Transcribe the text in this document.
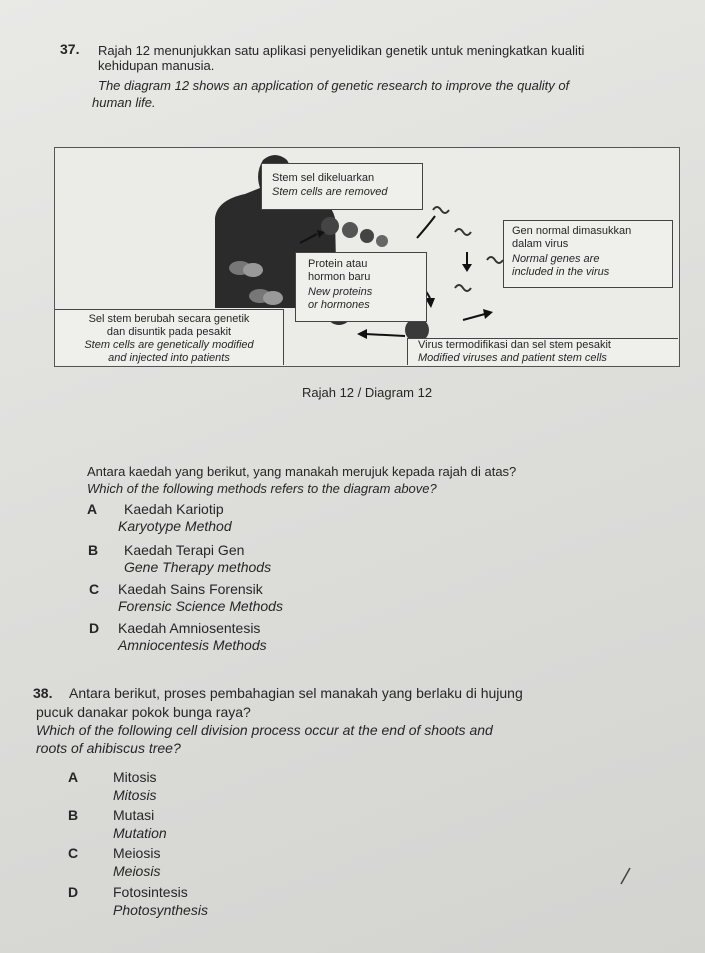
37. Rajah 12 menunjukkan satu aplikasi penyelidikan genetik untuk meningkatkan kualiti
kehidupan manusia.
The diagram 12 shows an application of genetic research to improve the quality of
human life.
Stem sel dikeluarkan
Stem cells are removed
Gen normal dimasukkan
dalam virus
Normal genes are
included in the virus
Protein atau
hormon baru
New proteins
or hormones
Sel stem berubah secara genetik
dan disuntik pada pesakit
Stem cells are genetically modified
and injected into patients
Virus termodifikasi dan sel stem pesakit
Modified viruses and patient stem cells
Rajah 12 / Diagram 12
Antara kaedah yang berikut, yang manakah merujuk kepada rajah di atas?
Which of the following methods refers to the diagram above?
A Kaedah Kariotip
Karyotype Method
B Kaedah Terapi Gen
Gene Therapy methods
C Kaedah Sains Forensik
Forensic Science Methods
D Kaedah Amniosentesis
Amniocentesis Methods
38. Antara berikut, proses pembahagian sel manakah yang berlaku di hujung
pucuk danakar pokok bunga raya?
Which of the following cell division process occur at the end of shoots and
roots of ahibiscus tree?
A Mitosis
Mitosis
B Mutasi
Mutation
C Meiosis
Meiosis
D Fotosintesis
Photosynthesis
